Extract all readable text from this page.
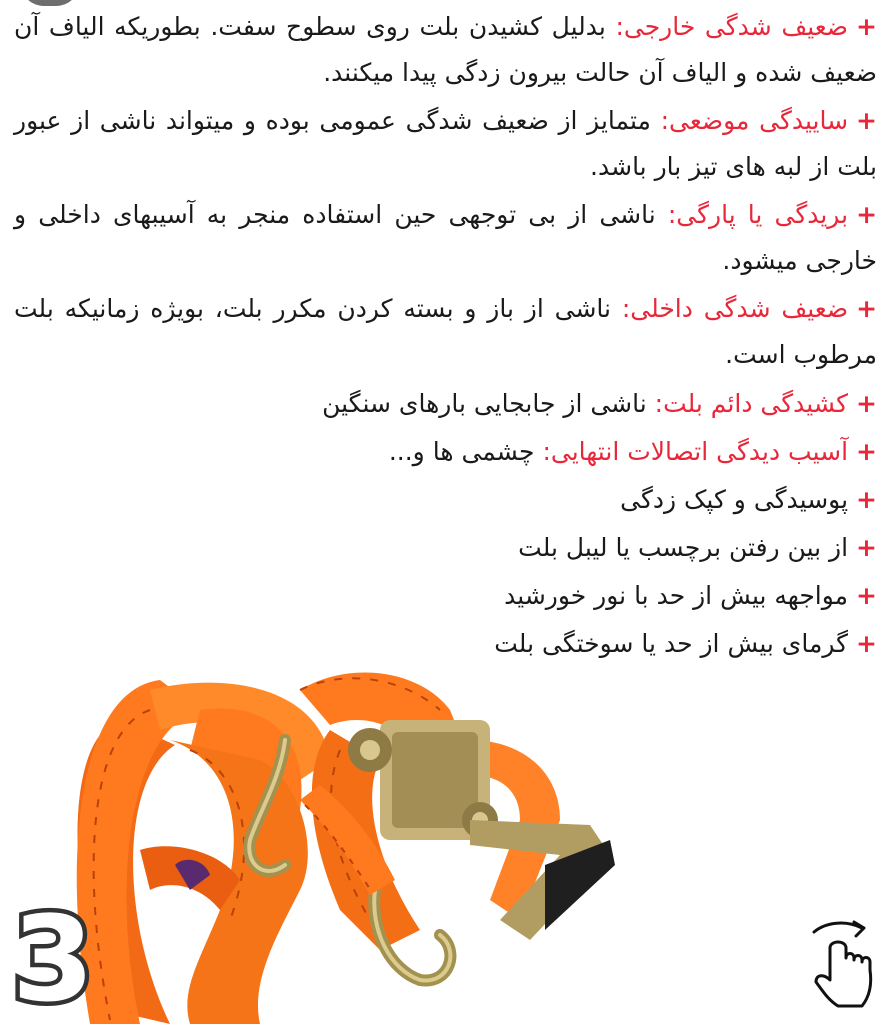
+ضعیف شدگی خارجی: بدلیل کشیدن بلت روی سطوح سفت. بطوریکه الیاف آن ضعیف شده و الیاف آن حالت بیرون زدگی پیدا میکنند.

+ساییدگی موضعی: متمایز از ضعیف شدگی عمومی بوده و میتواند ناشی از عبور بلت از لبه های تیز بار باشد.

+بریدگی یا پارگی: ناشی از بی توجهی حین استفاده منجر به آسیبهای داخلی و خارجی میشود.

+ضعیف شدگی داخلی: ناشی از باز و بسته کردن مکرر بلت، بویژه زمانیکه بلت مرطوب است.

+کشیدگی دائم بلت: ناشی از جابجایی بارهای سنگین

+آسیب دیدگی اتصالات انتهایی: چشمی ها و...

+پوسیدگی و کپک زدگی

+از بین رفتن برچسب یا لیبل بلت

+مواجهه بیش از حد با نور خورشید

+گرمای بیش از حد یا سوختگی بلت

3
